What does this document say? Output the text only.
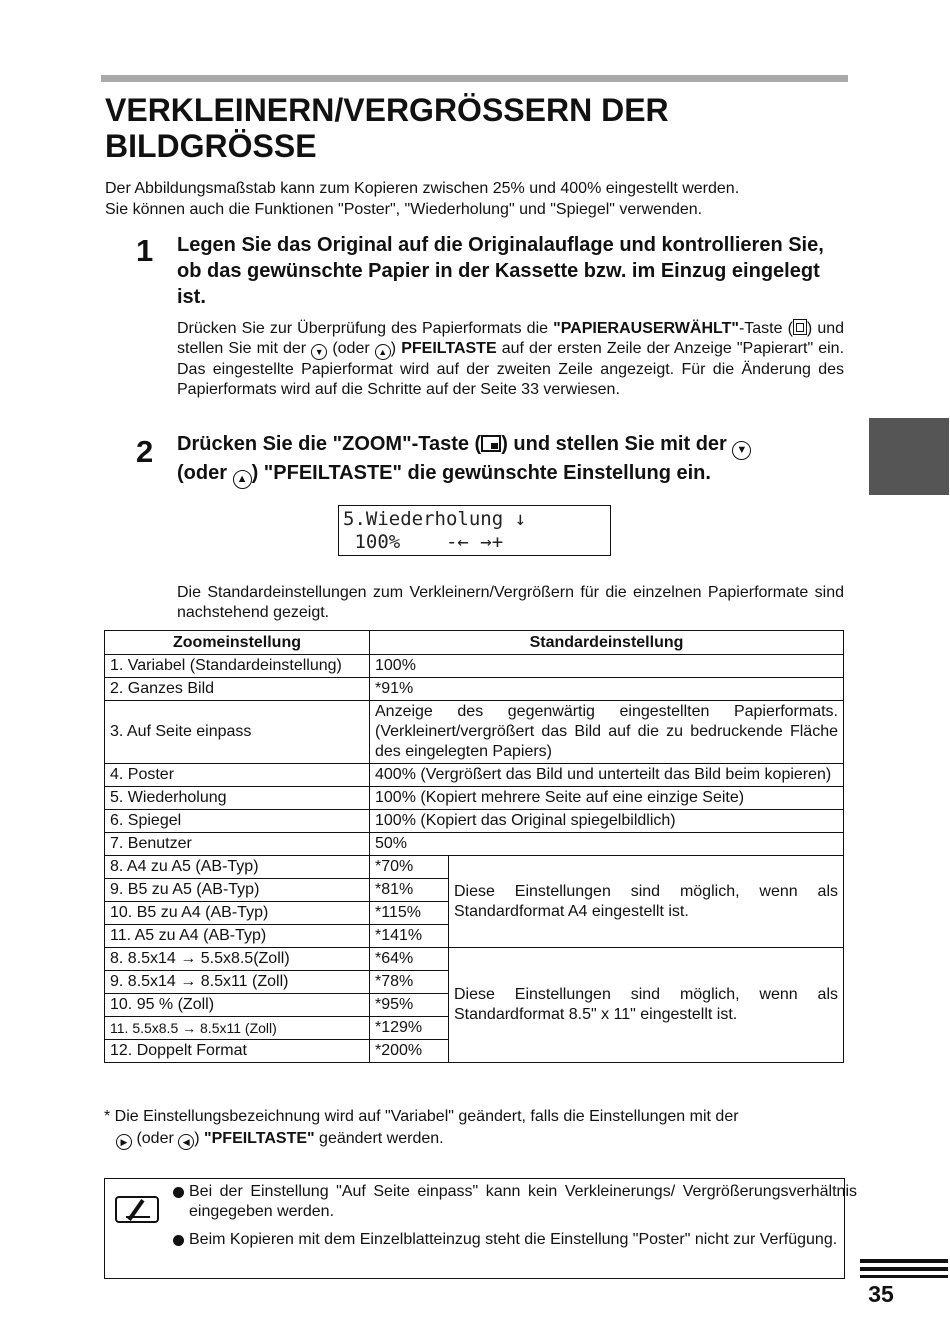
VERKLEINERN/VERGRÖSSERN DER
BILDGRÖSSE
Der Abbildungsmaßstab kann zum Kopieren zwischen 25% und 400% eingestellt werden.
Sie können auch die Funktionen "Poster", "Wiederholung" und "Spiegel" verwenden.
1 Legen Sie das Original auf die Originalauflage und kontrollieren Sie, ob das gewünschte Papier in der Kassette bzw. im Einzug eingelegt ist.
Drücken Sie zur Überprüfung des Papierformats die "PAPIERAUSERWÄHLT"-Taste ( ) und stellen Sie mit der ▼ (oder ▲ ) PFEILTASTE auf der ersten Zeile der Anzeige "Papierart" ein. Das eingestellte Papierformat wird auf der zweiten Zeile angezeigt. Für die Änderung des Papierformats wird auf die Schritte auf der Seite 33 verwiesen.
2 Drücken Sie die "ZOOM"-Taste ( ) und stellen Sie mit der ▼
(oder ▲ ) "PFEILTASTE" die gewünschte Einstellung ein.
5.Wiederholung ↓
100%    -← →+
Die Standardeinstellungen zum Verkleinern/Vergrößern für die einzelnen Papierformate sind nachstehend gezeigt.
Zoomeinstellung	Standardeinstellung	
1. Variabel (Standardeinstellung)	100%	
2. Ganzes Bild	*91%	
3. Auf Seite einpass	Anzeige des gegenwärtig eingestellten Papierformats. (Verkleinert/vergrößert das Bild auf die zu bedruckende Fläche des eingelegten Papiers)	
4. Poster	400% (Vergrößert das Bild und unterteilt das Bild beim kopieren)	
5. Wiederholung	100% (Kopiert mehrere Seite auf eine einzige Seite)	
6. Spiegel	100% (Kopiert das Original spiegelbildlich)	
7. Benutzer	50%	
8. A4 zu A5 (AB-Typ)	*70%	Diese Einstellungen sind möglich, wenn als Standardformat A4 eingestellt ist.
9. B5 zu A5 (AB-Typ)	*81%	
10. B5 zu A4 (AB-Typ)	*115%	
11. A5 zu A4 (AB-Typ)	*141%	
8. 8.5x14 → 5.5x8.5(Zoll)	*64%	Diese Einstellungen sind möglich, wenn als Standardformat 8.5" x 11" eingestellt ist.
9. 8.5x14 → 8.5x11 (Zoll)	*78%	
10. 95 % (Zoll)	*95%	
11. 5.5x8.5 → 8.5x11 (Zoll)	*129%	
12. Doppelt Format	*200%	
* Die Einstellungsbezeichnung wird auf "Variabel" geändert, falls die Einstellungen mit der
▶ (oder ◀ ) "PFEILTASTE" geändert werden.
Bei der Einstellung "Auf Seite einpass" kann kein Verkleinerungs/ Vergrößerungsverhältnis eingegeben werden.
Beim Kopieren mit dem Einzelblatteinzug steht die Einstellung "Poster" nicht zur Verfügung.
35
